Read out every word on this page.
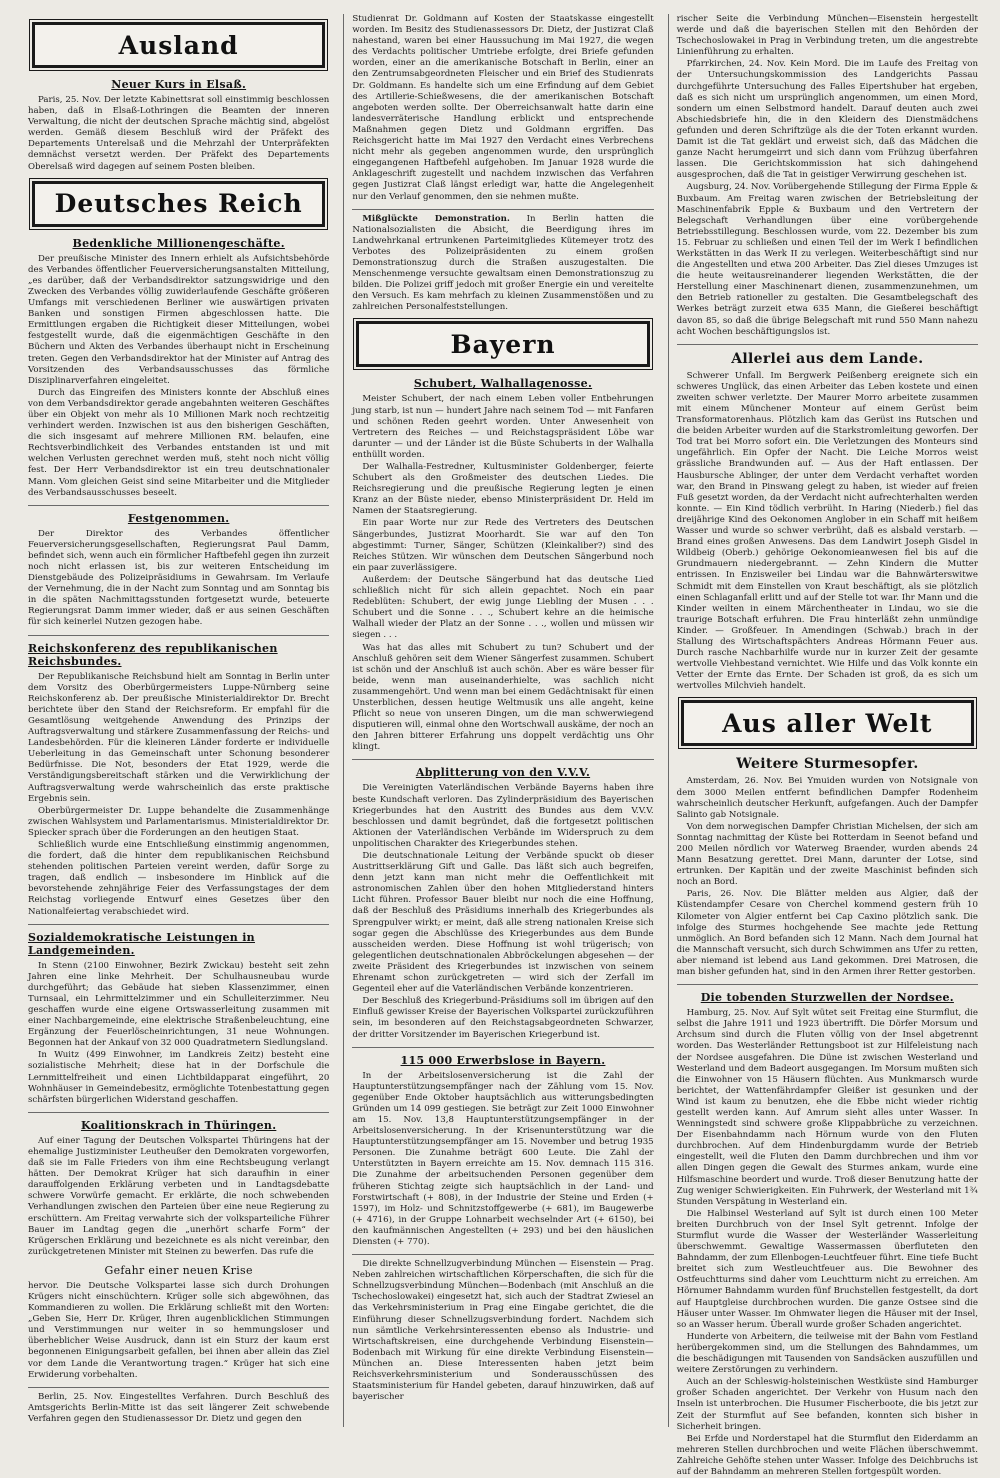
Ausland
Neuer Kurs in Elsaß.

Paris, 25. Nov. Der letzte Kabinettsrat soll einstimmig beschlossen haben, daß in Elsaß-Lothringen die Beamten der inneren Verwaltung, die nicht der deutschen Sprache mächtig sind, abgelöst werden. Gemäß diesem Beschluß wird der Präfekt des Departements Unterelsaß und die Mehrzahl der Unterpräfekten demnächst versetzt werden. Der Präfekt des Departements Oberelsaß wird dagegen auf seinem Posten bleiben.

Deutsches Reich
Bedenkliche Millionengeschäfte.

Der preußische Minister des Innern erhielt als Aufsichtsbehörde des Verbandes öffentlicher Feuerversicherungsanstalten Mitteilung, „es darüber, daß der Verbandsdirektor satzungswidrige und den Zwecken des Verbandes völlig zuwiderlaufende Geschäfte größeren Umfangs mit verschiedenen Berliner wie auswärtigen privaten Banken und sonstigen Firmen abgeschlossen hatte. Die Ermittlungen ergaben die Richtigkeit dieser Mitteilungen, wobei festgestellt wurde, daß die eigenmächtigen Geschäfte in den Büchern und Akten des Verbandes überhaupt nicht in Erscheinung treten. Gegen den Verbandsdirektor hat der Minister auf Antrag des Vorsitzenden des Verbandsausschusses das förmliche Disziplinarverfahren eingeleitet.

Durch das Eingreifen des Ministers konnte der Abschluß eines von dem Verbandsdirektor gerade angebahnten weiteren Geschäftes über ein Objekt von mehr als 10 Millionen Mark noch rechtzeitig verhindert werden. Inzwischen ist aus den bisherigen Geschäften, die sich insgesamt auf mehrere Millionen RM. belaufen, eine Rechtsverbindlichkeit des Verbandes entstanden ist und mit welchen Verlusten gerechnet werden muß, steht noch nicht völlig fest. Der Herr Verbandsdirektor ist ein treu deutschnationaler Mann. Vom gleichen Geist sind seine Mitarbeiter und die Mitglieder des Verbandsausschusses beseelt.

Festgenommen.

Der Direktor des Verbandes öffentlicher Feuerversicherungsgesellschaften, Regierungsrat Paul Damm, befindet sich, wenn auch ein förmlicher Haftbefehl gegen ihn zurzeit noch nicht erlassen ist, bis zur weiteren Entscheidung im Dienstgebäude des Polizeipräsidiums in Gewahrsam. Im Verlaufe der Vernehmung, die in der Nacht zum Sonntag und am Sonntag bis in die späten Nachmittagsstunden fortgesetzt wurde, beteuerte Regierungsrat Damm immer wieder, daß er aus seinen Geschäften für sich keinerlei Nutzen gezogen habe.

Reichskonferenz des republikanischen Reichsbundes.

Der Republikanische Reichsbund hielt am Sonntag in Berlin unter dem Vorsitz des Oberbürgermeisters Luppe-Nürnberg seine Reichskonferenz ab. Der preußische Ministerialdirektor Dr. Brecht berichtete über den Stand der Reichsreform. Er empfahl für die Gesamtlösung weitgehende Anwendung des Prinzips der Auftragsverwaltung und stärkere Zusammenfassung der Reichs- und Landesbehörden. Für die kleineren Länder forderte er individuelle Ueberleitung in das Gemeinschaft unter Schonung besonderer Bedürfnisse. Die Not, besonders der Etat 1929, werde die Verständigungsbereitschaft stärken und die Verwirklichung der Auftragsverwaltung werde wahrscheinlich das erste praktische Ergebnis sein.

Oberbürgermeister Dr. Luppe behandelte die Zusammenhänge zwischen Wahlsystem und Parlamentarismus. Ministerialdirektor Dr. Spiecker sprach über die Forderungen an den heutigen Staat.

Schließlich wurde eine Entschließung einstimmig angenommen, die fordert, daß die hinter dem republikanischen Reichsbund stehenden politischen Parteien vereint werden, dafür Sorge zu tragen, daß endlich — insbesondere im Hinblick auf die bevorstehende zehnjährige Feier des Verfassungstages der dem Reichstag vorliegende Entwurf eines Gesetzes über den Nationalfeiertag verabschiedet wird.

Sozialdemokratische Leistungen in Landgemeinden.

In Stenn (2100 Einwohner, Bezirk Zwickau) besteht seit zehn Jahren eine linke Mehrheit. Der Schulhausneubau wurde durchgeführt; das Gebäude hat sieben Klassenzimmer, einen Turnsaal, ein Lehrmittelzimmer und ein Schulleiterzimmer. Neu geschaffen wurde eine eigene Ortswasserleitung zusammen mit einer Nachbargemeinde, eine elektrische Straßenbeleuchtung, eine Ergänzung der Feuerlöscheinrichtungen, 31 neue Wohnungen. Begonnen hat der Ankauf von 32 000 Quadratmetern Siedlungsland.

In Wuitz (499 Einwohner, im Landkreis Zeitz) besteht eine sozialistische Mehrheit; diese hat in der Dorfschule die Lernmittelfreiheit und einen Lichtbildapparat eingeführt, 20 Wohnhäuser in Gemeindebesitz, ermöglichte Totenbestattung gegen schärfsten bürgerlichen Widerstand geschaffen.

Koalitionskrach in Thüringen.

Auf einer Tagung der Deutschen Volkspartei Thüringens hat der ehemalige Justizminister Leutheußer den Demokraten vorgeworfen, daß sie im Falle Frieders von ihm eine Rechtsbeugung verlangt hätten. Der Demokrat Krüger hat sich daraufhin in einer darauffolgenden Erklärung verbeten und in Landtagsdebatte schwere Vorwürfe gemacht. Er erklärte, die noch schwebenden Verhandlungen zwischen den Parteien über eine neue Regierung zu erschüttern. Am Freitag verwahrte sich der volksparteiliche Führer Bauer im Landtag gegen die „unerhört scharfe Form“ der Krügerschen Erklärung und bezeichnete es als nicht vereinbar, den zurückgetretenen Minister mit Steinen zu bewerfen. Das rufe die

Gefahr einer neuen Krise

hervor. Die Deutsche Volkspartei lasse sich durch Drohungen Krügers nicht einschüchtern. Krüger solle sich abgewöhnen, das Kommandieren zu wollen. Die Erklärung schließt mit den Worten: „Geben Sie, Herr Dr. Krüger, Ihren augenblicklichen Stimmungen und Verstimmungen nur weiter in so hemmungsloser und überheblicher Weise Ausdruck, dann ist ein Sturz der kaum erst begonnenen Einigungsarbeit gefallen, bei ihnen aber allein das Ziel vor dem Lande die Verantwortung tragen.“ Krüger hat sich eine Erwiderung vorbehalten.

Berlin, 25. Nov. Eingestelltes Verfahren. Durch Beschluß des Amtsgerichts Berlin-Mitte ist das seit längerer Zeit schwebende Verfahren gegen den Studienassessor Dr. Dietz und gegen den

Studienrat Dr. Goldmann auf Kosten der Staatskasse eingestellt worden. Im Besitz des Studienassessors Dr. Dietz, der Justizrat Claß nahestand, waren bei einer Haussuchung im Mai 1927, die wegen des Verdachts politischer Umtriebe erfolgte, drei Briefe gefunden worden, einer an die amerikanische Botschaft in Berlin, einer an den Zentrumsabgeordneten Fleischer und ein Brief des Studienrats Dr. Goldmann. Es handelte sich um eine Erfindung auf dem Gebiet des Artillerie-Schießwesens, die der amerikanischen Botschaft angeboten werden sollte. Der Oberreichsanwalt hatte darin eine landesverräterische Handlung erblickt und entsprechende Maßnahmen gegen Dietz und Goldmann ergriffen. Das Reichsgericht hatte im Mai 1927 den Verdacht eines Verbrechens nicht mehr als gegeben angenommen wurde, den ursprünglich eingegangenen Haftbefehl aufgehoben. Im Januar 1928 wurde die Anklageschrift zugestellt und nachdem inzwischen das Verfahren gegen Justizrat Claß längst erledigt war, hatte die Angelegenheit nur den Verlauf genommen, den sie nehmen mußte.

Mißglückte Demonstration. In Berlin hatten die Nationalsozialisten die Absicht, die Beerdigung ihres im Landwehrkanal ertrunkenen Parteimitgliedes Kütemeyer trotz des Verbotes des Polizeipräsidenten zu einem großen Demonstrationszug durch die Straßen auszugestalten. Die Menschenmenge versuchte gewaltsam einen Demonstrationszug zu bilden. Die Polizei griff jedoch mit großer Energie ein und vereitelte den Versuch. Es kam mehrfach zu kleinen Zusammenstößen und zu zahlreichen Personalfeststellungen.

Bayern
Schubert, Walhallagenosse.

Meister Schubert, der nach einem Leben voller Entbehrungen jung starb, ist nun — hundert Jahre nach seinem Tod — mit Fanfaren und schönen Reden geehrt worden. Unter Anwesenheit von Vertretern des Reiches — und Reichstagspräsident Löbe war darunter — und der Länder ist die Büste Schuberts in der Walhalla enthüllt worden.

Der Walhalla-Festredner, Kultusminister Goldenberger, feierte Schubert als den Großmeister des deutschen Liedes. Die Reichsregierung und die preußische Regierung legten je einen Kranz an der Büste nieder, ebenso Ministerpräsident Dr. Held im Namen der Staatsregierung.

Ein paar Worte nur zur Rede des Vertreters des Deutschen Sängerbundes, Justizrat Moorhardt. Sie war auf den Ton abgestimmt: Turner, Sänger, Schützen (Kleinkaliber?) sind des Reiches Stützen. Wir wünschen dem Deutschen Sängerbund noch ein paar zuverlässigere.

Außerdem: der Deutsche Sängerbund hat das deutsche Lied schließlich nicht für sich allein gepachtet. Noch ein paar Redeblüten: Schubert, der ewig junge Liebling der Musen . . . Schubert und die Sonne . . ., Schubert kehre an die heimische Walhall wieder der Platz an der Sonne . . ., wollen und müssen wir siegen . . .

Was hat das alles mit Schubert zu tun? Schubert und der Anschluß gehören seit dem Wiener Sängerfest zusammen. Schubert ist schön und der Anschluß ist auch schön. Aber es wäre besser für beide, wenn man auseinanderhielte, was sachlich nicht zusammengehört. Und wenn man bei einem Gedächtnisakt für einen Unsterblichen, dessen heutige Weltmusik uns alle angeht, keine Pflicht so neue von unseren Dingen, um die man schwerwiegend disputieren will, einmal ohne den Wortschwall auskäme, der noch an den Jahren bitterer Erfahrung uns doppelt verdächtig uns Ohr klingt.

Abplitterung von den V.V.V.

Die Vereinigten Vaterländischen Verbände Bayerns haben ihre beste Kundschaft verloren. Das Zylinderpräsidium des Bayerischen Kriegerbundes hat den Austritt des Bundes aus dem V.V.V. beschlossen und damit begründet, daß die fortgesetzt politischen Aktionen der Vaterländischen Verbände im Widerspruch zu dem unpolitischen Charakter des Kriegerbundes stehen.

Die deutschnationale Leitung der Verbände spuckt ob dieser Austrittserklärung Gift und Galle. Das läßt sich auch begreifen, denn jetzt kann man nicht mehr die Oeffentlichkeit mit astronomischen Zahlen über den hohen Mitgliederstand hinters Licht führen. Professor Bauer bleibt nur noch die eine Hoffnung, daß der Beschluß des Präsidiums innerhalb des Kriegerbundes als Sprengpulver wirkt; er meint, daß alle streng nationalen Kreise sich sogar gegen die Abschlüsse des Kriegerbundes aus dem Bunde ausscheiden werden. Diese Hoffnung ist wohl trügerisch; von gelegentlichen deutschnationalen Abbröckelungen abgesehen — der zweite Präsident des Kriegerbundes ist inzwischen von seinem Ehrenamt schon zurückgetreten — wird sich der Zerfall im Gegenteil eher auf die Vaterländischen Verbände konzentrieren.

Der Beschluß des Kriegerbund-Präsidiums soll im übrigen auf den Einfluß gewisser Kreise der Bayerischen Volkspartei zurückzuführen sein, im besonderen auf den Reichstagsabgeordneten Schwarzer, der dritter Vorsitzender im Bayerischen Kriegerbund ist.

115 000 Erwerbslose in Bayern.

In der Arbeitslosenversicherung ist die Zahl der Hauptunterstützungsempfänger nach der Zählung vom 15. Nov. gegenüber Ende Oktober hauptsächlich aus witterungsbedingten Gründen um 14 099 gestiegen. Sie beträgt zur Zeit 1000 Einwohner am 15. Nov. 13,8 Hauptunterstützungsempfänger in der Arbeitslosenversicherung. In der Krisenunterstützung war die Hauptunterstützungsempfänger am 15. November und betrug 1935 Personen. Die Zunahme beträgt 600 Leute. Die Zahl der Unterstützten in Bayern erreichte am 15. Nov. demnach 115 316. Die Zunahme der arbeitsuchenden Personen gegenüber dem früheren Stichtag zeigte sich hauptsächlich in der Land- und Forstwirtschaft (+ 808), in der Industrie der Steine und Erden (+ 1597), im Holz- und Schnitzstoffgewerbe (+ 681), im Baugewerbe (+ 4716), in der Gruppe Lohnarbeit wechselnder Art (+ 6150), bei den kaufmännischen Angestellten (+ 293) und bei den häuslichen Diensten (+ 770).

Die direkte Schnellzugverbindung München — Eisenstein — Prag. Neben zahlreichen wirtschaftlichen Körperschaften, die sich für die Schnellzugsverbindung München—Bodenbach (mit Anschluß an die Tschechoslowakei) eingesetzt hat, sich auch der Stadtrat Zwiesel an das Verkehrsministerium in Prag eine Eingabe gerichtet, die die Einführung dieser Schnellzugsverbindung fordert. Nachdem sich nun sämtliche Verkehrsinteressenten ebenso als Industrie- und Wirtschaftskreisen, eine durchgehende Verbindung Eisenstein—Bodenbach mit Wirkung für eine direkte Verbindung Eisenstein—München an. Diese Interessenten haben jetzt beim Reichsverkehrsministerium und Sonderausschüssen des Staatsministerium für Handel gebeten, darauf hinzuwirken, daß auf bayerischer

rischer Seite die Verbindung München—Eisenstein hergestellt werde und daß die bayerischen Stellen mit den Behörden der Tschechoslowakei in Prag in Verbindung treten, um die angestrebte Linienführung zu erhalten.

Pfarrkirchen, 24. Nov. Kein Mord. Die im Laufe des Freitag von der Untersuchungskommission des Landgerichts Passau durchgeführte Untersuchung des Falles Eipertshuber hat ergeben, daß es sich nicht um ursprünglich angenommen, um einen Mord, sondern um einen Selbstmord handelt. Darauf deuten auch zwei Abschiedsbriefe hin, die in den Kleidern des Dienstmädchens gefunden und deren Schriftzüge als die der Toten erkannt wurden. Damit ist die Tat geklärt und erweist sich, daß das Mädchen die ganze Nacht herumgeirrt und sich dann vom Frühzug überfahren lassen. Die Gerichtskommission hat sich dahingehend ausgesprochen, daß die Tat in geistiger Verwirrung geschehen ist.

Augsburg, 24. Nov. Vorübergehende Stillegung der Firma Epple & Buxbaum. Am Freitag waren zwischen der Betriebsleitung der Maschinenfabrik Epple & Buxbaum und den Vertretern der Belegschaft Verhandlungen über eine vorübergehende Betriebsstillegung. Beschlossen wurde, vom 22. Dezember bis zum 15. Februar zu schließen und einen Teil der im Werk I befindlichen Werkstätten in das Werk II zu verlegen. Weiterbeschäftigt sind nur die Angestellten und etwa 200 Arbeiter. Das Ziel dieses Umzuges ist die heute weitausreinanderer liegenden Werkstätten, die der Herstellung einer Maschinenart dienen, zusammenzunehmen, um den Betrieb rationeller zu gestalten. Die Gesamtbelegschaft des Werkes beträgt zurzeit etwa 635 Mann, die Gießerei beschäftigt davon 85, so daß die übrige Belegschaft mit rund 550 Mann nahezu acht Wochen beschäftigungslos ist.

Allerlei aus dem Lande.

Schwerer Unfall. Im Bergwerk Peißenberg ereignete sich ein schweres Unglück, das einen Arbeiter das Leben kostete und einen zweiten schwer verletzte. Der Maurer Morro arbeitete zusammen mit einem Münchener Monteur auf einem Gerüst beim Transformatorenhaus. Plötzlich kam das Gerüst ins Rutschen und die beiden Arbeiter wurden auf die Starkstromleitung geworfen. Der Tod trat bei Morro sofort ein. Die Verletzungen des Monteurs sind ungefährlich. Ein Opfer der Nacht. Die Leiche Morros weist grässliche Brandwunden auf. — Aus der Haft entlassen. Der Hausbursche Ablinger, der unter dem Verdacht verhaftet worden war, den Brand in Pinswang gelegt zu haben, ist wieder auf freien Fuß gesetzt worden, da der Verdacht nicht aufrechterhalten werden konnte. — Ein Kind tödlich verbrüht. In Haring (Niederb.) fiel das dreijährige Kind des Oekonomen Anglober in ein Schaff mit heißem Wasser und wurde so schwer verbrüht, daß es alsbald verstarb. — Brand eines großen Anwesens. Das dem Landwirt Joseph Gisdel in Wildbeig (Oberb.) gehörige Oekonomieanwesen fiel bis auf die Grundmauern niedergebrannt. — Zehn Kindern die Mutter entrissen. In Enzisweiler bei Lindau war die Bahnwärterswitwe Schmidt mit dem Einstellen von Kraut beschäftigt, als sie plötzlich einen Schlaganfall erlitt und auf der Stelle tot war. Ihr Mann und die Kinder weilten in einem Märchentheater in Lindau, wo sie die traurige Botschaft erfuhren. Die Frau hinterläßt zehn unmündige Kinder. — Großfeuer. In Amendingen (Schwab.) brach in der Stallung des Wirtschaftspächters Andreas Hörmann Feuer aus. Durch rasche Nachbarhilfe wurde nur in kurzer Zeit der gesamte wertvolle Viehbestand vernichtet. Wie Hilfe und das Volk konnte ein Vetter der Ernte das Ernte. Der Schaden ist groß, da es sich um wertvolles Milchvieh handelt.

Aus aller Welt
Weitere Sturmesopfer.

Amsterdam, 26. Nov. Bei Ymuiden wurden von Notsignale von dem 3000 Meilen entfernt befindlichen Dampfer Rodenheim wahrscheinlich deutscher Herkunft, aufgefangen. Auch der Dampfer Salinto gab Notsignale.

Von dem norwegischen Dampfer Christian Michelsen, der sich am Sonntag nachmittag der Küste bei Rotterdam in Seenot befand und 200 Meilen nördlich vor Waterweg Braender, wurden abends 24 Mann Besatzung gerettet. Drei Mann, darunter der Lotse, sind ertrunken. Der Kapitän und der zweite Maschinist befinden sich noch an Bord.

Paris, 26. Nov. Die Blätter melden aus Algier, daß der Küstendampfer Cesare von Cherchel kommend gestern früh 10 Kilometer von Algier entfernt bei Cap Caxino plötzlich sank. Die infolge des Sturmes hochgehende See machte jede Rettung unmöglich. An Bord befanden sich 12 Mann. Nach dem Journal hat die Mannschaft versucht, sich durch Schwimmen ans Ufer zu retten, aber niemand ist lebend aus Land gekommen. Drei Matrosen, die man bisher gefunden hat, sind in den Armen ihrer Retter gestorben.

Die tobenden Sturzwellen der Nordsee.

Hamburg, 25. Nov. Auf Sylt wütet seit Freitag eine Sturmflut, die selbst die Jahre 1911 und 1923 übertrifft. Die Dörfer Morsum und Archsum sind durch die Fluten völlig von der Insel abgetrennt worden. Das Westerländer Rettungsboot ist zur Hilfeleistung nach der Nordsee ausgefahren. Die Düne ist zwischen Westerland und Westerland und dem Badeort ausgegangen. Im Morsum mußten sich die Einwohner von 15 Häusern flüchten. Aus Munkmarsch wurde berichtet, der Wattenfährdampfer Gleißer ist gesunken und der Wind ist kaum zu benutzen, ehe die Ebbe nicht wieder richtig gestellt werden kann. Auf Amrum sieht alles unter Wasser. In Wenningstedt sind schwere große Klippabbrüche zu verzeichnen. Der Eisenbahndamm nach Hörnum wurde von den Fluten durchbrochen. Auf dem Hindenburgdamm wurde der Betrieb eingestellt, weil die Fluten den Damm durchbrechen und ihm vor allen Dingen gegen die Gewalt des Sturmes ankam, wurde eine Hilfsmaschine beordert und wurde. Troß dieser Benutzung hatte der Zug weniger Schwierigkeiten. Ein Fuhrwerk, der Westerland mit 1¾ Stunden Verspätung in Westerland ein.

Die Halbinsel Westerland auf Sylt ist durch einen 100 Meter breiten Durchbruch von der Insel Sylt getrennt. Infolge der Sturmflut wurde die Wasser der Westerländer Wasserleitung überschwemmt. Gewaltige Wassermassen überfluteten den Bahndamm, der zum Ellenbogen-Leuchtfeuer führt. Eine tiefe Bucht breitet sich zum Westleuchtfeuer aus. Die Bewohner des Ostfeuchtturms sind daher vom Leuchtturm nicht zu erreichen. Am Hörnumer Bahndamm wurden fünf Bruchstellen festgestellt, da dort auf Hauptgleise durchbrochen wurden. Die ganze Ostsee sind die Häuser unter Wasser. Im Ohmwater liegen die Häuser mit der Insel, so an Wasser herum. Überall wurde großer Schaden angerichtet.

Hunderte von Arbeitern, die teilweise mit der Bahn vom Festland herübergekommen sind, um die Stellungen des Bahndammes, um die beschädigungen mit Tausenden von Sandsäcken auszufüllen und weitere Zerstörungen zu verhindern.

Auch an der Schleswig-holsteinischen Westküste sind Hamburger großer Schaden angerichtet. Der Verkehr von Husum nach den Inseln ist unterbrochen. Die Husumer Fischerboote, die bis jetzt zur Zeit der Sturmflut auf See befanden, konnten sich bisher in Sicherheit bringen.

Bei Erfde und Norderstapel hat die Sturmflut den Eiderdamm an mehreren Stellen durchbrochen und weite Flächen überschwemmt. Zahlreiche Gehöfte stehen unter Wasser. Infolge des Deichbruchs ist auf der Bahndamm an mehreren Stellen fortgespült worden.
